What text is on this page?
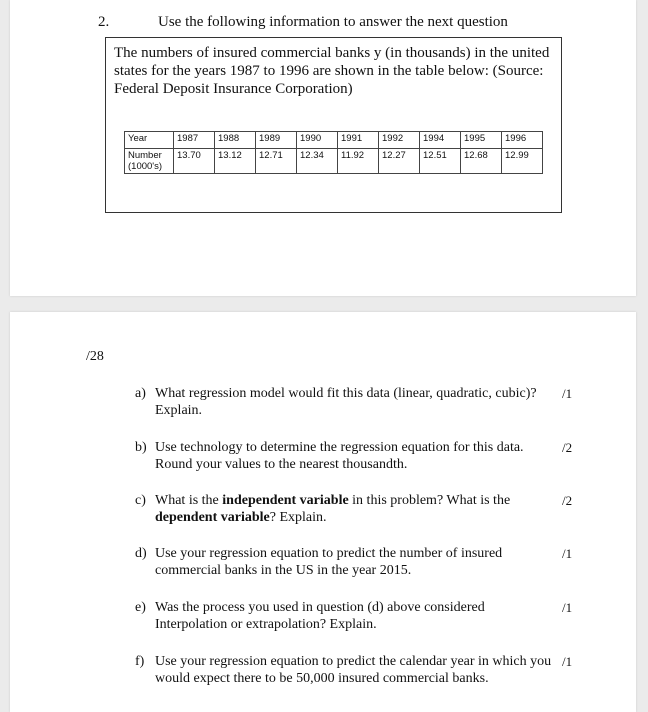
2.	Use the following information to answer the next question
The numbers of insured commercial banks y (in thousands) in the united states for the years 1987 to 1996 are shown in the table below: (Source: Federal Deposit Insurance Corporation)
Year	1987	1988	1989	1990	1991	1992	1994	1995	1996
Number
(1000's)	13.70	13.12	12.71	12.34	11.92	12.27	12.51	12.68	12.99
/28
a) What regression model would fit this data (linear, quadratic, cubic)? Explain.
/1
b) Use technology to determine the regression equation for this data. Round your values to the nearest thousandth.
/2
c) What is the independent variable in this problem? What is the dependent variable? Explain.
/2
d) Use your regression equation to predict the number of insured commercial banks in the US in the year 2015.
/1
e) Was the process you used in question (d) above considered Interpolation or extrapolation? Explain.
/1
f) Use your regression equation to predict the calendar year in which you would expect there to be 50,000 insured commercial banks.
/1
